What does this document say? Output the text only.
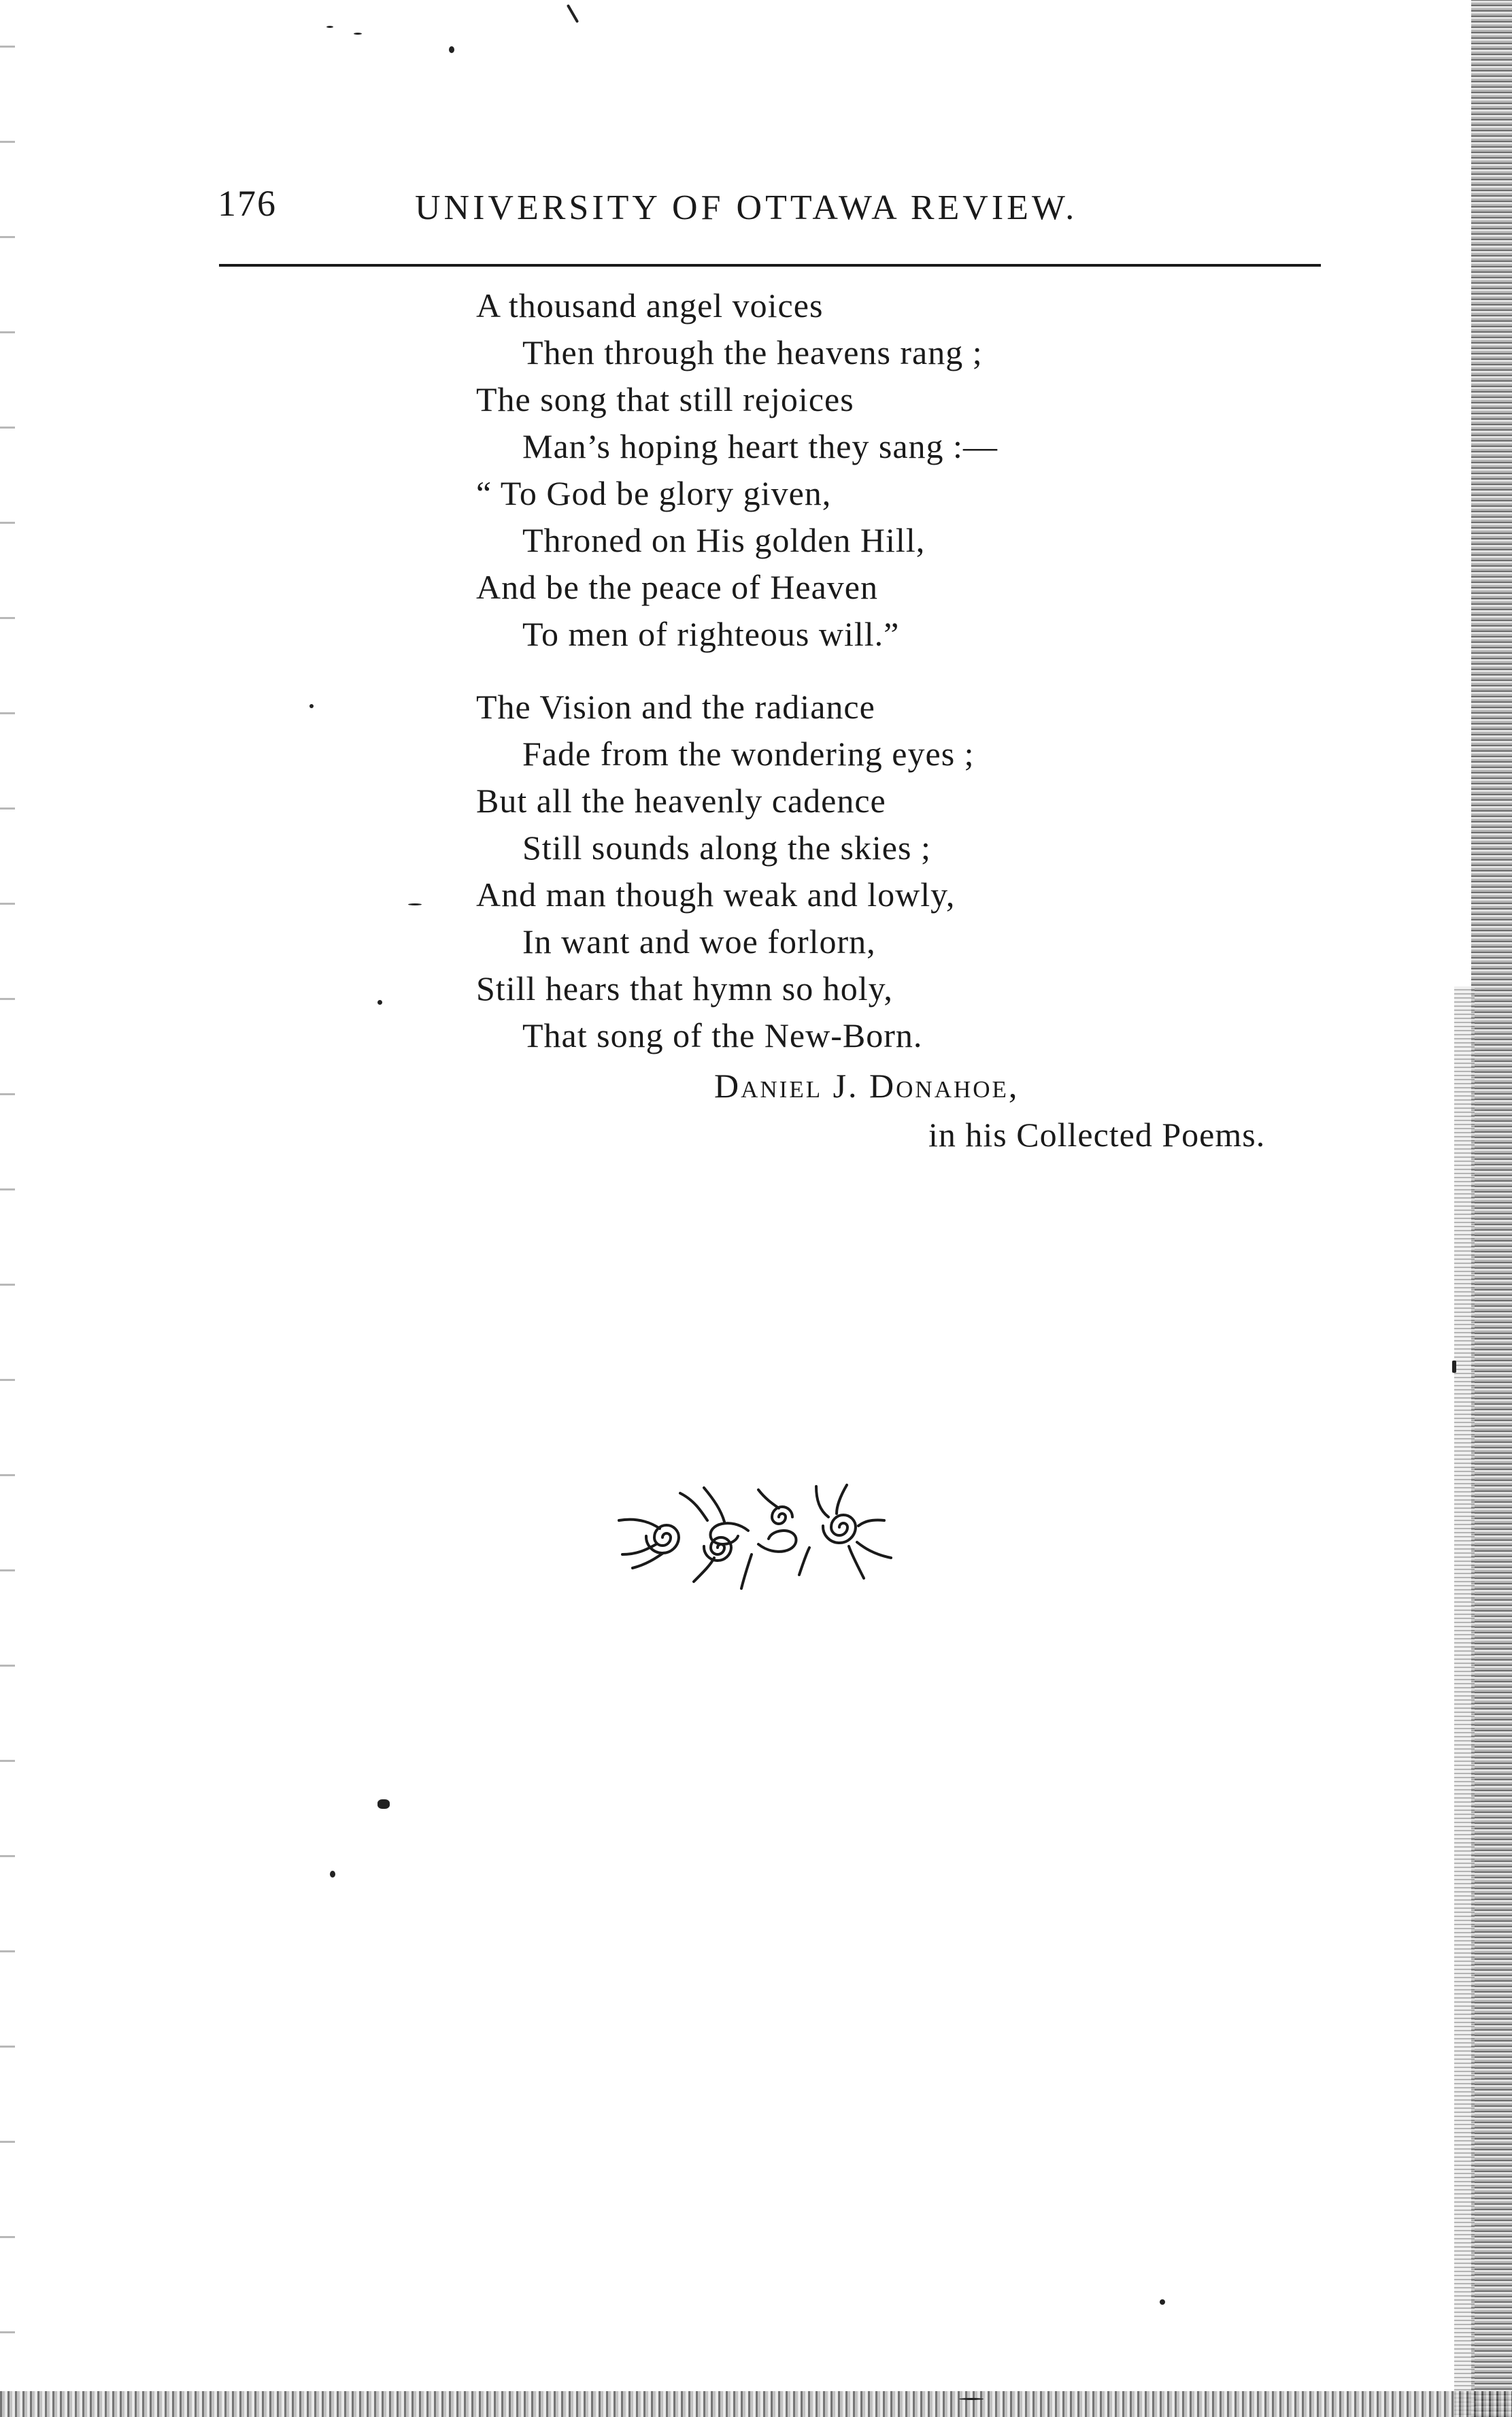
176	UNIVERSITY OF OTTAWA REVIEW.
A thousand angel voices
Then through the heavens rang ;
The song that still rejoices
Man’s hoping heart they sang :—
“ To God be glory given,
Throned on His golden Hill,
And be the peace of Heaven
To men of righteous will.”
The Vision and the radiance
Fade from the wondering eyes ;
But all the heavenly cadence
Still sounds along the skies ;
And man though weak and lowly,
In want and woe forlorn,
Still hears that hymn so holy,
That song of the New-Born.
Daniel J. Donahoe,
in his Collected Poems.
